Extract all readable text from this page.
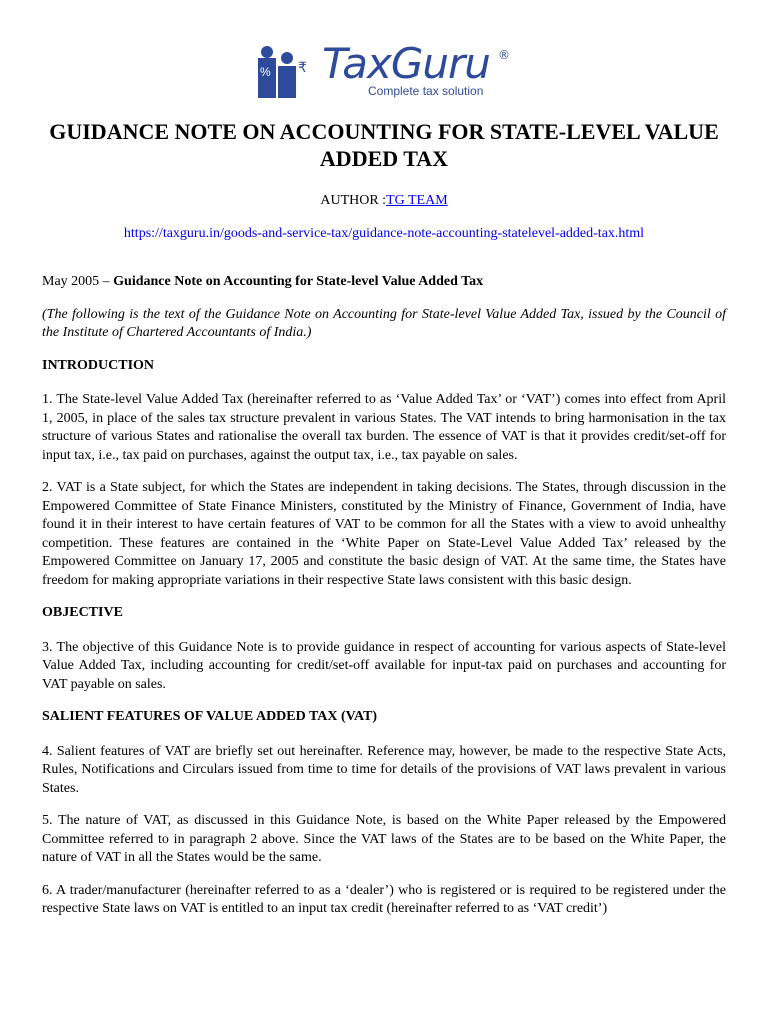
₹
% TaxGuru ®
Complete tax solution
GUIDANCE NOTE ON ACCOUNTING FOR STATE-LEVEL VALUE ADDED TAX
AUTHOR :TG TEAM
https://taxguru.in/goods-and-service-tax/guidance-note-accounting-statelevel-added-tax.html

May 2005 – Guidance Note on Accounting for State-level Value Added Tax

(The following is the text of the Guidance Note on Accounting for State-level Value Added Tax, issued by the Council of the Institute of Chartered Accountants of India.)

INTRODUCTION

1. The State-level Value Added Tax (hereinafter referred to as ‘Value Added Tax’ or ‘VAT’) comes into effect from April 1, 2005, in place of the sales tax structure prevalent in various States. The VAT intends to bring harmonisation in the tax structure of various States and rationalise the overall tax burden. The essence of VAT is that it provides credit/set-off for input tax, i.e., tax paid on purchases, against the output tax, i.e., tax payable on sales.

2. VAT is a State subject, for which the States are independent in taking decisions. The States, through discussion in the Empowered Committee of State Finance Ministers, constituted by the Ministry of Finance, Government of India, have found it in their interest to have certain features of VAT to be common for all the States with a view to avoid unhealthy competition. These features are contained in the ‘White Paper on State-Level Value Added Tax’ released by the Empowered Committee on January 17, 2005 and constitute the basic design of VAT. At the same time, the States have freedom for making appropriate variations in their respective State laws consistent with this basic design.

OBJECTIVE

3. The objective of this Guidance Note is to provide guidance in respect of accounting for various aspects of State-level Value Added Tax, including accounting for credit/set-off available for input-tax paid on purchases and accounting for VAT payable on sales.

SALIENT FEATURES OF VALUE ADDED TAX (VAT)

4. Salient features of VAT are briefly set out hereinafter. Reference may, however, be made to the respective State Acts, Rules, Notifications and Circulars issued from time to time for details of the provisions of VAT laws prevalent in various States.

5. The nature of VAT, as discussed in this Guidance Note, is based on the White Paper released by the Empowered Committee referred to in paragraph 2 above. Since the VAT laws of the States are to be based on the White Paper, the nature of VAT in all the States would be the same.

6. A trader/manufacturer (hereinafter referred to as a ‘dealer’) who is registered or is required to be registered under the respective State laws on VAT is entitled to an input tax credit (hereinafter referred to as ‘VAT credit’)
